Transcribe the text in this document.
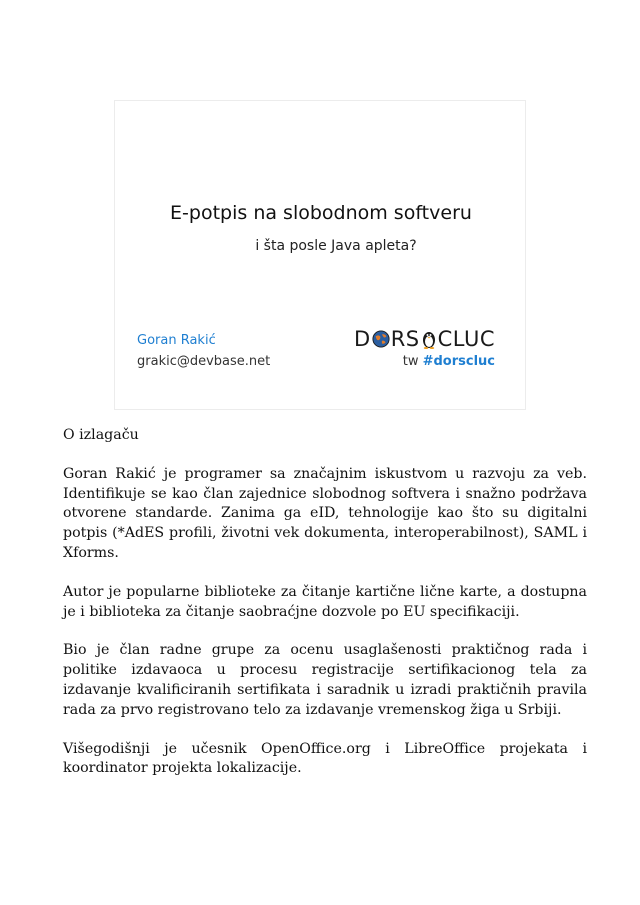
E-potpis na slobodnom softveru
i šta posle Java apleta?
Goran Rakić
grakic@devbase.net
D RS CLUC
tw #dorscluc
O izlagaču

Goran Rakić je programer sa značajnim iskustvom u razvoju za veb. Identifikuje se kao član zajednice slobodnog softvera i snažno podržava otvorene standarde. Zanima ga eID, tehnologije kao što su digitalni potpis (*AdES profili, životni vek dokumenta, interoperabilnost), SAML i Xforms.

Autor je popularne biblioteke za čitanje kartične lične karte, a dostupna je i biblioteka za čitanje saobraćjne dozvole po EU specifikaciji.

Bio je član radne grupe za ocenu usaglašenosti praktičnog rada i politike izdavaoca u procesu registracije sertifikacionog tela za izdavanje kvalificiranih sertifikata i saradnik u izradi praktičnih pravila rada za prvo registrovano telo za izdavanje vremenskog žiga u Srbiji.

Višegodišnji je učesnik OpenOffice.org i LibreOffice projekata i koordinator projekta lokalizacije.
